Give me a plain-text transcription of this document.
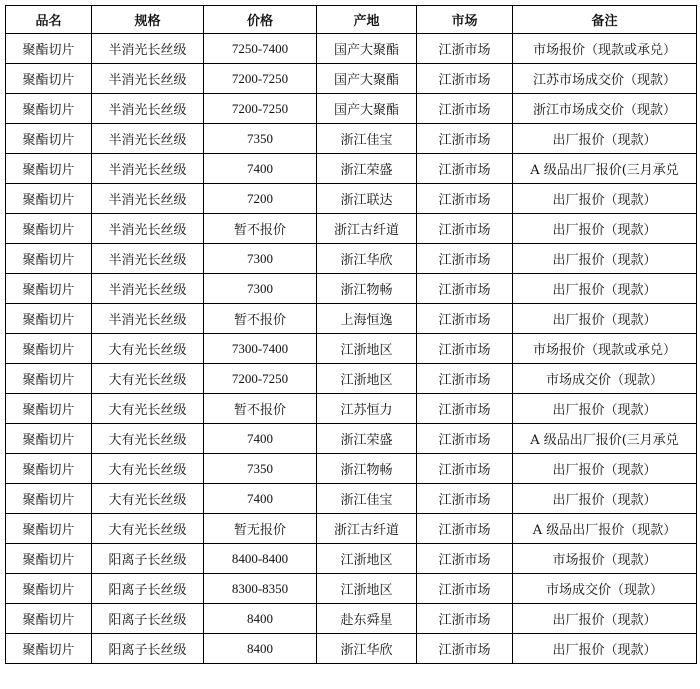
品名	规格	价格	产地	市场	备注
聚酯切片	半消光长丝级	7250-7400	国产大聚酯	江浙市场	市场报价（现款或承兑）
聚酯切片	半消光长丝级	7200-7250	国产大聚酯	江浙市场	江苏市场成交价（现款）
聚酯切片	半消光长丝级	7200-7250	国产大聚酯	江浙市场	浙江市场成交价（现款）
聚酯切片	半消光长丝级	7350	浙江佳宝	江浙市场	出厂报价（现款）
聚酯切片	半消光长丝级	7400	浙江荣盛	江浙市场	A 级品出厂报价(三月承兑
聚酯切片	半消光长丝级	7200	浙江联达	江浙市场	出厂报价（现款）
聚酯切片	半消光长丝级	暂不报价	浙江古纤道	江浙市场	出厂报价（现款）
聚酯切片	半消光长丝级	7300	浙江华欣	江浙市场	出厂报价（现款）
聚酯切片	半消光长丝级	7300	浙江物畅	江浙市场	出厂报价（现款）
聚酯切片	半消光长丝级	暂不报价	上海恒逸	江浙市场	出厂报价（现款）
聚酯切片	大有光长丝级	7300-7400	江浙地区	江浙市场	市场报价（现款或承兑）
聚酯切片	大有光长丝级	7200-7250	江浙地区	江浙市场	市场成交价（现款）
聚酯切片	大有光长丝级	暂不报价	江苏恒力	江浙市场	出厂报价（现款）
聚酯切片	大有光长丝级	7400	浙江荣盛	江浙市场	A 级品出厂报价(三月承兑
聚酯切片	大有光长丝级	7350	浙江物畅	江浙市场	出厂报价（现款）
聚酯切片	大有光长丝级	7400	浙江佳宝	江浙市场	出厂报价（现款）
聚酯切片	大有光长丝级	暂无报价	浙江古纤道	江浙市场	A 级品出厂报价（现款）
聚酯切片	阳离子长丝级	8400-8400	江浙地区	江浙市场	市场报价（现款）
聚酯切片	阳离子长丝级	8300-8350	江浙地区	江浙市场	市场成交价（现款）
聚酯切片	阳离子长丝级	8400	赴东舜星	江浙市场	出厂报价（现款）
聚酯切片	阳离子长丝级	8400	浙江华欣	江浙市场	出厂报价（现款）
